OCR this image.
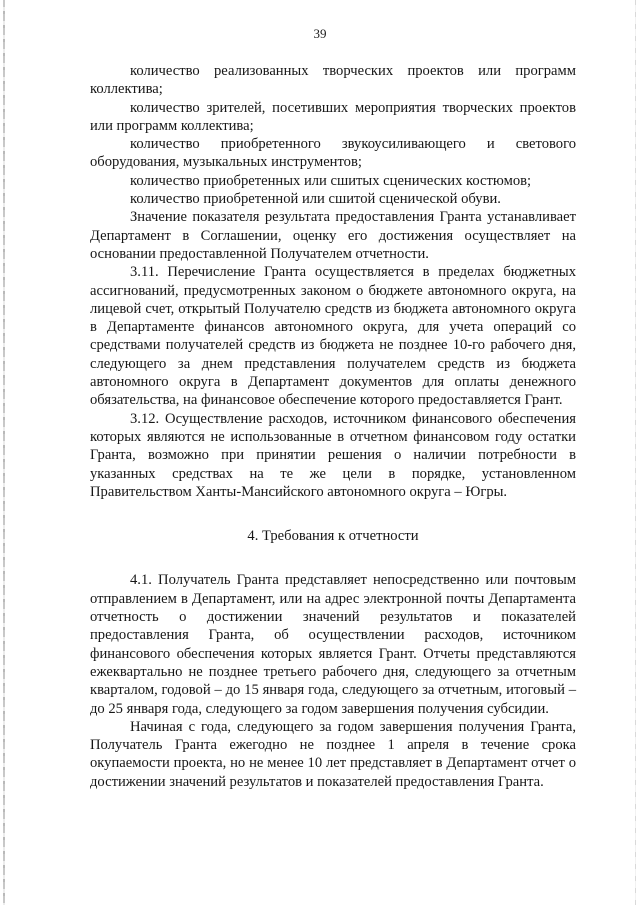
39

количество реализованных творческих проектов или программ коллектива;

количество зрителей, посетивших мероприятия творческих проектов или программ коллектива;

количество приобретенного звукоусиливающего и светового оборудования, музыкальных инструментов;

количество приобретенных или сшитых сценических костюмов;

количество приобретенной или сшитой сценической обуви.

Значение показателя результата предоставления Гранта устанавливает Департамент в Соглашении, оценку его достижения осуществляет на основании предоставленной Получателем отчетности.

3.11. Перечисление Гранта осуществляется в пределах бюджетных ассигнований, предусмотренных законом о бюджете автономного округа, на лицевой счет, открытый Получателю средств из бюджета автономного округа в Департаменте финансов автономного округа, для учета операций со средствами получателей средств из бюджета не позднее 10-го рабочего дня, следующего за днем представления получателем средств из бюджета автономного округа в Департамент документов для оплаты денежного обязательства, на финансовое обеспечение которого предоставляется Грант.

3.12. Осуществление расходов, источником финансового обеспечения которых являются не использованные в отчетном финансовом году остатки Гранта, возможно при принятии решения о наличии потребности в указанных средствах на те же цели в порядке, установленном Правительством Ханты-Мансийского автономного округа – Югры.

4. Требования к отчетности

4.1. Получатель Гранта представляет непосредственно или почтовым отправлением в Департамент, или на адрес электронной почты Департамента отчетность о достижении значений результатов и показателей предоставления Гранта, об осуществлении расходов, источником финансового обеспечения которых является Грант. Отчеты представляются ежеквартально не позднее третьего рабочего дня, следующего за отчетным кварталом, годовой – до 15 января года, следующего за отчетным, итоговый – до 25 января года, следующего за годом завершения получения субсидии.

Начиная с года, следующего за годом завершения получения Гранта, Получатель Гранта ежегодно не позднее 1 апреля в течение срока окупаемости проекта, но не менее 10 лет представляет в Департамент отчет о достижении значений результатов и показателей предоставления Гранта.
